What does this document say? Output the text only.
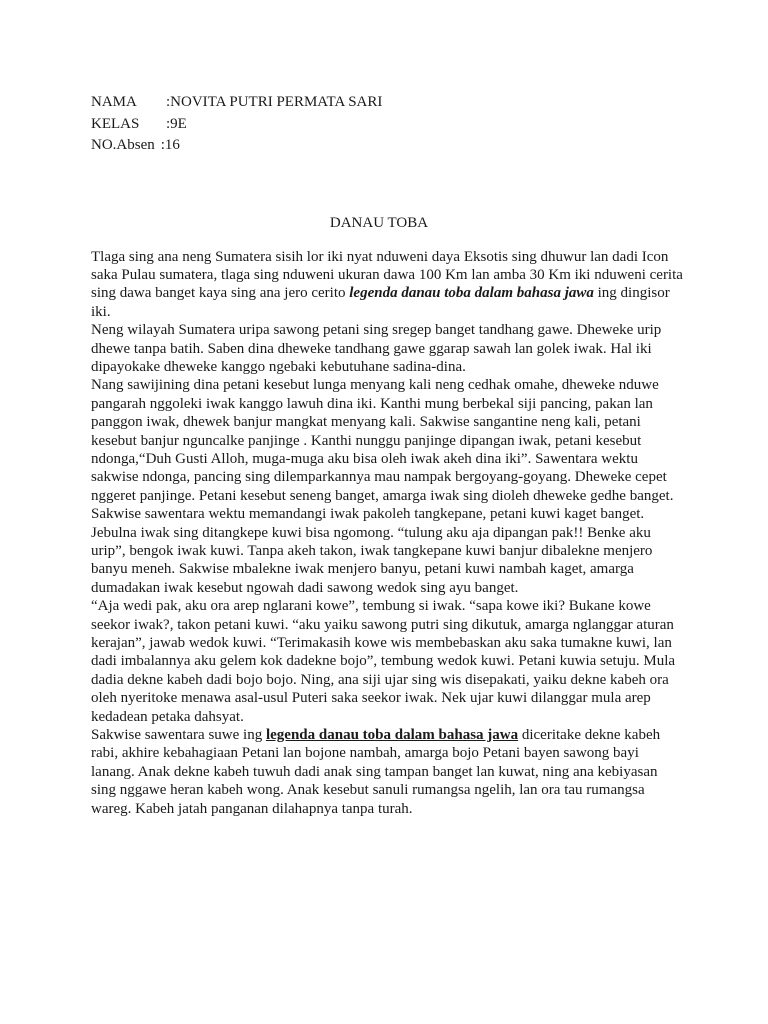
NAMA	:NOVITA PUTRI PERMATA SARI
KELAS	:9E
NO.Absen :16
DANAU TOBA

Tlaga sing ana neng Sumatera sisih lor iki nyat nduweni daya Eksotis sing dhuwur lan dadi Icon saka Pulau sumatera, tlaga sing nduweni ukuran dawa 100 Km lan amba 30 Km iki nduweni cerita sing dawa banget kaya sing ana jero cerito legenda danau toba dalam bahasa jawa ing dingisor iki.

Neng wilayah Sumatera uripa sawong petani sing sregep banget tandhang gawe. Dheweke urip dhewe tanpa batih. Saben dina dheweke tandhang gawe ggarap sawah lan golek iwak. Hal iki dipayokake dheweke kanggo ngebaki kebutuhane sadina-dina.

Nang sawijining dina petani kesebut lunga menyang kali neng cedhak omahe, dheweke nduwe pangarah nggoleki iwak kanggo lawuh dina iki. Kanthi mung berbekal siji pancing, pakan lan panggon iwak, dhewek banjur mangkat menyang kali. Sakwise sangantine neng kali, petani kesebut banjur nguncalke panjinge . Kanthi nunggu panjinge dipangan iwak, petani kesebut ndonga,“Duh Gusti Alloh, muga-muga aku bisa oleh iwak akeh dina iki”. Sawentara wektu sakwise ndonga, pancing sing dilemparkannya mau nampak bergoyang-goyang. Dheweke cepet nggeret panjinge. Petani kesebut seneng banget, amarga iwak sing dioleh dheweke gedhe banget.

Sakwise sawentara wektu memandangi iwak pakoleh tangkepane, petani kuwi kaget banget. Jebulna iwak sing ditangkepe kuwi bisa ngomong. “tulung aku aja dipangan pak!! Benke aku urip”, bengok iwak kuwi. Tanpa akeh takon, iwak tangkepane kuwi banjur dibalekne menjero banyu meneh. Sakwise mbalekne iwak menjero banyu, petani kuwi nambah kaget, amarga dumadakan iwak kesebut ngowah dadi sawong wedok sing ayu banget.

“Aja wedi pak, aku ora arep nglarani kowe”, tembung si iwak. “sapa kowe iki? Bukane kowe seekor iwak?, takon petani kuwi. “aku yaiku sawong putri sing dikutuk, amarga nglanggar aturan kerajan”, jawab wedok kuwi. “Terimakasih kowe wis membebaskan aku saka tumakne kuwi, lan dadi imbalannya aku gelem kok dadekne bojo”, tembung wedok kuwi. Petani kuwia setuju. Mula dadia dekne kabeh dadi bojo bojo. Ning, ana siji ujar sing wis disepakati, yaiku dekne kabeh ora oleh nyeritoke menawa asal-usul Puteri saka seekor iwak. Nek ujar kuwi dilanggar mula arep kedadean petaka dahsyat.

Sakwise sawentara suwe ing legenda danau toba dalam bahasa jawa diceritake dekne kabeh rabi, akhire kebahagiaan Petani lan bojone nambah, amarga bojo Petani bayen sawong bayi lanang. Anak dekne kabeh tuwuh dadi anak sing tampan banget lan kuwat, ning ana kebiyasan sing nggawe heran kabeh wong. Anak kesebut sanuli rumangsa ngelih, lan ora tau rumangsa wareg. Kabeh jatah panganan dilahapnya tanpa turah.
